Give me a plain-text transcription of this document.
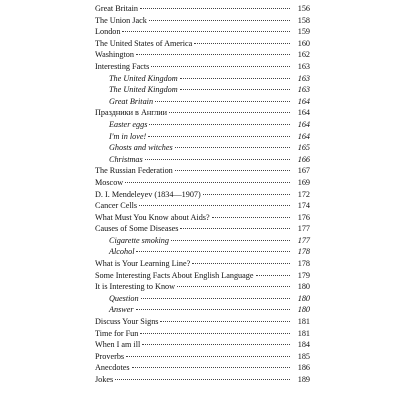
Great Britain	156
The Union Jack	158
London	159
The United States of America	160
Washington	162
Interesting Facts	163
The United Kingdom	163
The United Kingdom	163
Great Britain	164
Праздники в Англии	164
Easter eggs	164
I'm in love!	164
Ghosts and witches	165
Christmas	166
The Russian Federation	167
Moscow	169
D. I. Mendeleyev (1834—1907)	172
Cancer Cells	174
What Must You Know about Aids?	176
Causes of Some Diseases	177
Cigarette smoking	177
Alcohol	178
What is Your Learning Line?	178
Some Interesting Facts About English Language	179
It is Interesting to Know	180
Question	180
Answer	180
Discuss Your Signs	181
Time for Fun	181
When I am ill	184
Proverbs	185
Anecdotes	186
Jokes	189
